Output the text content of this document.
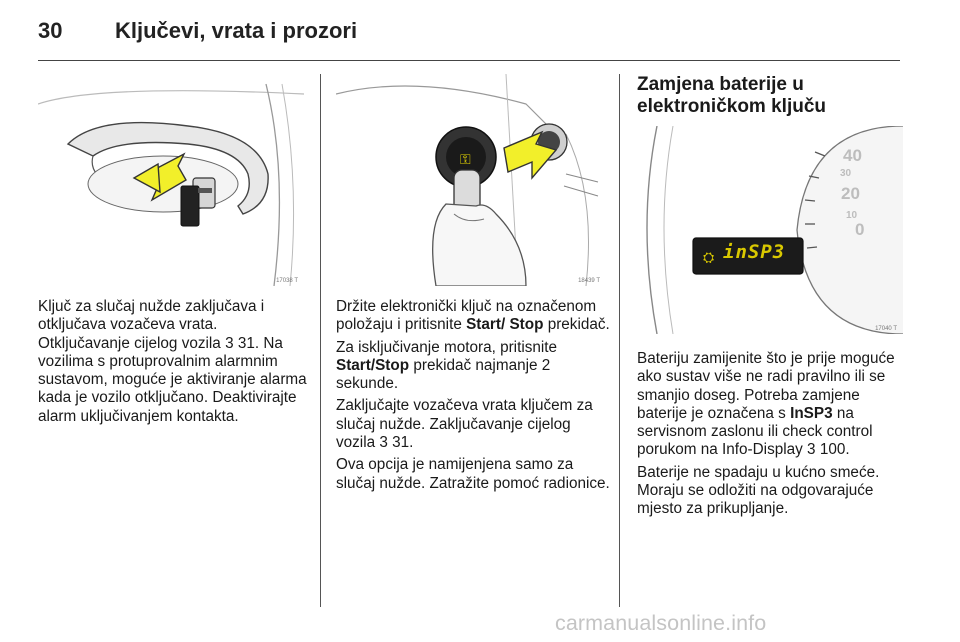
30 Ključevi, vrata i prozori
17038 T
⚿
18439 T
⛭
40
30
20
10
0
inSP3
17040 T

Ključ za slučaj nužde zaključava i otključava vozačeva vrata. Otključavanje cijelog vozila 3 31. Na vozilima s protuprovalnim alarmnim sustavom, moguće je aktiviranje alarma kada je vozilo otključano. Deaktivirajte alarm uključivanjem kontakta.

Držite elektronički ključ na označenom položaju i pritisnite Start/ Stop prekidač.

Za isključivanje motora, pritisnite Start/Stop prekidač najmanje 2 sekunde.

Zaključajte vozačeva vrata ključem za slučaj nužde. Zaključavanje cijelog vozila 3 31.

Ova opcija je namijenjena samo za slučaj nužde. Zatražite pomoć radionice.

Zamjena baterije u elektroničkom ključu

Bateriju zamijenite što je prije moguće ako sustav više ne radi pravilno ili se smanjio doseg. Potreba zamjene baterije je označena s InSP3 na servisnom zaslonu ili check control porukom na Info-Display 3 100.

Baterije ne spadaju u kućno smeće. Moraju se odložiti na odgovarajuće mjesto za prikupljanje.

carmanualsonline.info
